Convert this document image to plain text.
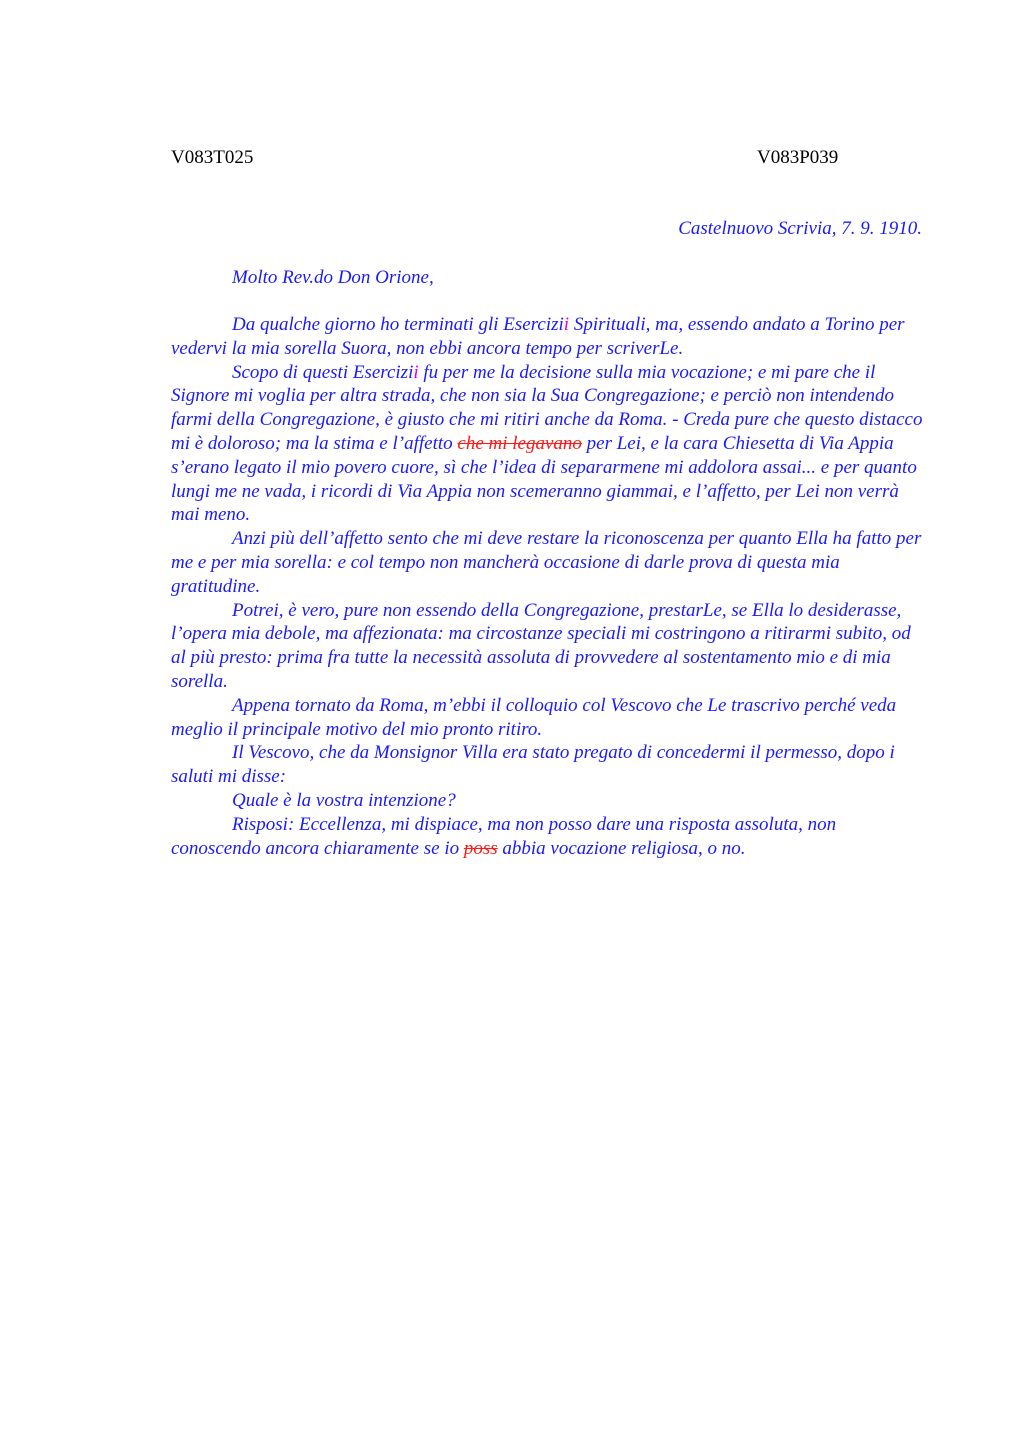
V083T025	V083P039
Castelnuovo Scrivia, 7. 9. 1910.
Molto Rev.do Don Orione,

Da qualche giorno ho terminati gli Esercizii Spirituali, ma, essendo andato a Torino per vedervi la mia sorella Suora, non ebbi ancora tempo per scriverLe.

Scopo di questi Esercizii fu per me la decisione sulla mia vocazione; e mi pare che il Signore mi voglia per altra strada, che non sia la Sua Congregazione; e perciò non intendendo farmi della Congregazione, è giusto che mi ritiri anche da Roma. - Creda pure che questo distacco mi è doloroso; ma la stima e l’affetto che mi legavano per Lei, e la cara Chiesetta di Via Appia s’erano legato il mio povero cuore, sì che l’idea di separarmene mi addolora assai... e per quanto lungi me ne vada, i ricordi di Via Appia non scemeranno giammai, e l’affetto, per Lei non verrà mai meno.

Anzi più dell’affetto sento che mi deve restare la riconoscenza per quanto Ella ha fatto per me e per mia sorella: e col tempo non mancherà occasione di darle prova di questa mia gratitudine.

Potrei, è vero, pure non essendo della Congregazione, prestarLe, se Ella lo desiderasse, l’opera mia debole, ma affezionata: ma circostanze speciali mi costringono a ritirarmi subito, od al più presto: prima fra tutte la necessità assoluta di provvedere al sostentamento mio e di mia sorella.

Appena tornato da Roma, m’ebbi il colloquio col Vescovo che Le trascrivo perché veda meglio il principale motivo del mio pronto ritiro.

Il Vescovo, che da Monsignor Villa era stato pregato di concedermi il permesso, dopo i saluti mi disse:

Quale è la vostra intenzione?

Risposi: Eccellenza, mi dispiace, ma non posso dare una risposta assoluta, non conoscendo ancora chiaramente se io poss abbia vocazione religiosa, o no.
